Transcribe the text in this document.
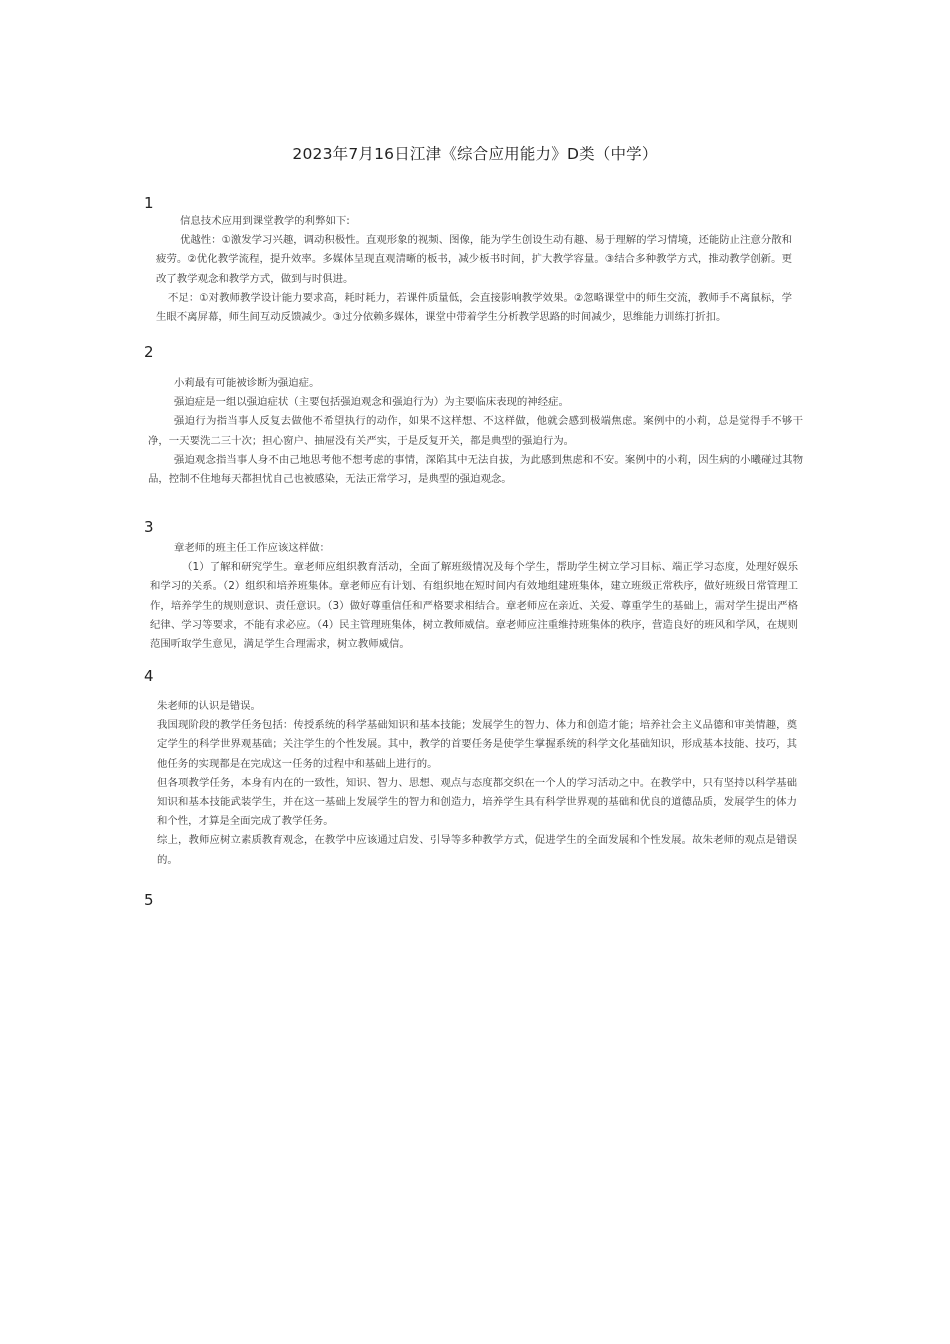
2023年7月16日江津《综合应用能力》D类（中学）
1

信息技术应用到课堂教学的利弊如下:

优越性：①激发学习兴趣，调动积极性。直观形象的视频、图像，能为学生创设生动有趣、易于理解的学习情境，还能防止注意分散和疲劳。②优化教学流程，提升效率。多媒体呈现直观清晰的板书，减少板书时间，扩大教学容量。③结合多种教学方式，推动教学创新。更改了教学观念和教学方式，做到与时俱进。

不足：①对教师教学设计能力要求高，耗时耗力，若课件质量低，会直接影响教学效果。②忽略课堂中的师生交流，教师手不离鼠标，学生眼不离屏幕，师生间互动反馈减少。③过分依赖多媒体，课堂中带着学生分析教学思路的时间减少，思维能力训练打折扣。

2

小莉最有可能被诊断为强迫症。

强迫症是一组以强迫症状（主要包括强迫观念和强迫行为）为主要临床表现的神经症。

强迫行为指当事人反复去做他不希望执行的动作，如果不这样想、不这样做，他就会感到极端焦虑。案例中的小莉，总是觉得手不够干净，一天要洗二三十次；担心窗户、抽屉没有关严实，于是反复开关，都是典型的强迫行为。

强迫观念指当事人身不由己地思考他不想考虑的事情，深陷其中无法自拔，为此感到焦虑和不安。案例中的小莉，因生病的小曦碰过其物品，控制不住地每天都担忧自己也被感染，无法正常学习，是典型的强迫观念。

3

章老师的班主任工作应该这样做：

（1）了解和研究学生。章老师应组织教育活动，全面了解班级情况及每个学生，帮助学生树立学习目标、端正学习态度，处理好娱乐和学习的关系。（2）组织和培养班集体。章老师应有计划、有组织地在短时间内有效地组建班集体，建立班级正常秩序，做好班级日常管理工作，培养学生的规则意识、责任意识。（3）做好尊重信任和严格要求相结合。章老师应在亲近、关爱、尊重学生的基础上，需对学生提出严格纪律、学习等要求，不能有求必应。（4）民主管理班集体，树立教师威信。章老师应注重维持班集体的秩序，营造良好的班风和学风，在规则范围听取学生意见，满足学生合理需求，树立教师威信。

4

朱老师的认识是错误。

我国现阶段的教学任务包括：传授系统的科学基础知识和基本技能；发展学生的智力、体力和创造才能；培养社会主义品德和审美情趣，奠定学生的科学世界观基础；关注学生的个性发展。其中，教学的首要任务是使学生掌握系统的科学文化基础知识，形成基本技能、技巧，其他任务的实现都是在完成这一任务的过程中和基础上进行的。

但各项教学任务，本身有内在的一致性，知识、智力、思想、观点与态度都交织在一个人的学习活动之中。在教学中，只有坚持以科学基础知识和基本技能武装学生，并在这一基础上发展学生的智力和创造力，培养学生具有科学世界观的基础和优良的道德品质，发展学生的体力和个性，才算是全面完成了教学任务。

综上，教师应树立素质教育观念，在教学中应该通过启发、引导等多种教学方式，促进学生的全面发展和个性发展。故朱老师的观点是错误的。

5
